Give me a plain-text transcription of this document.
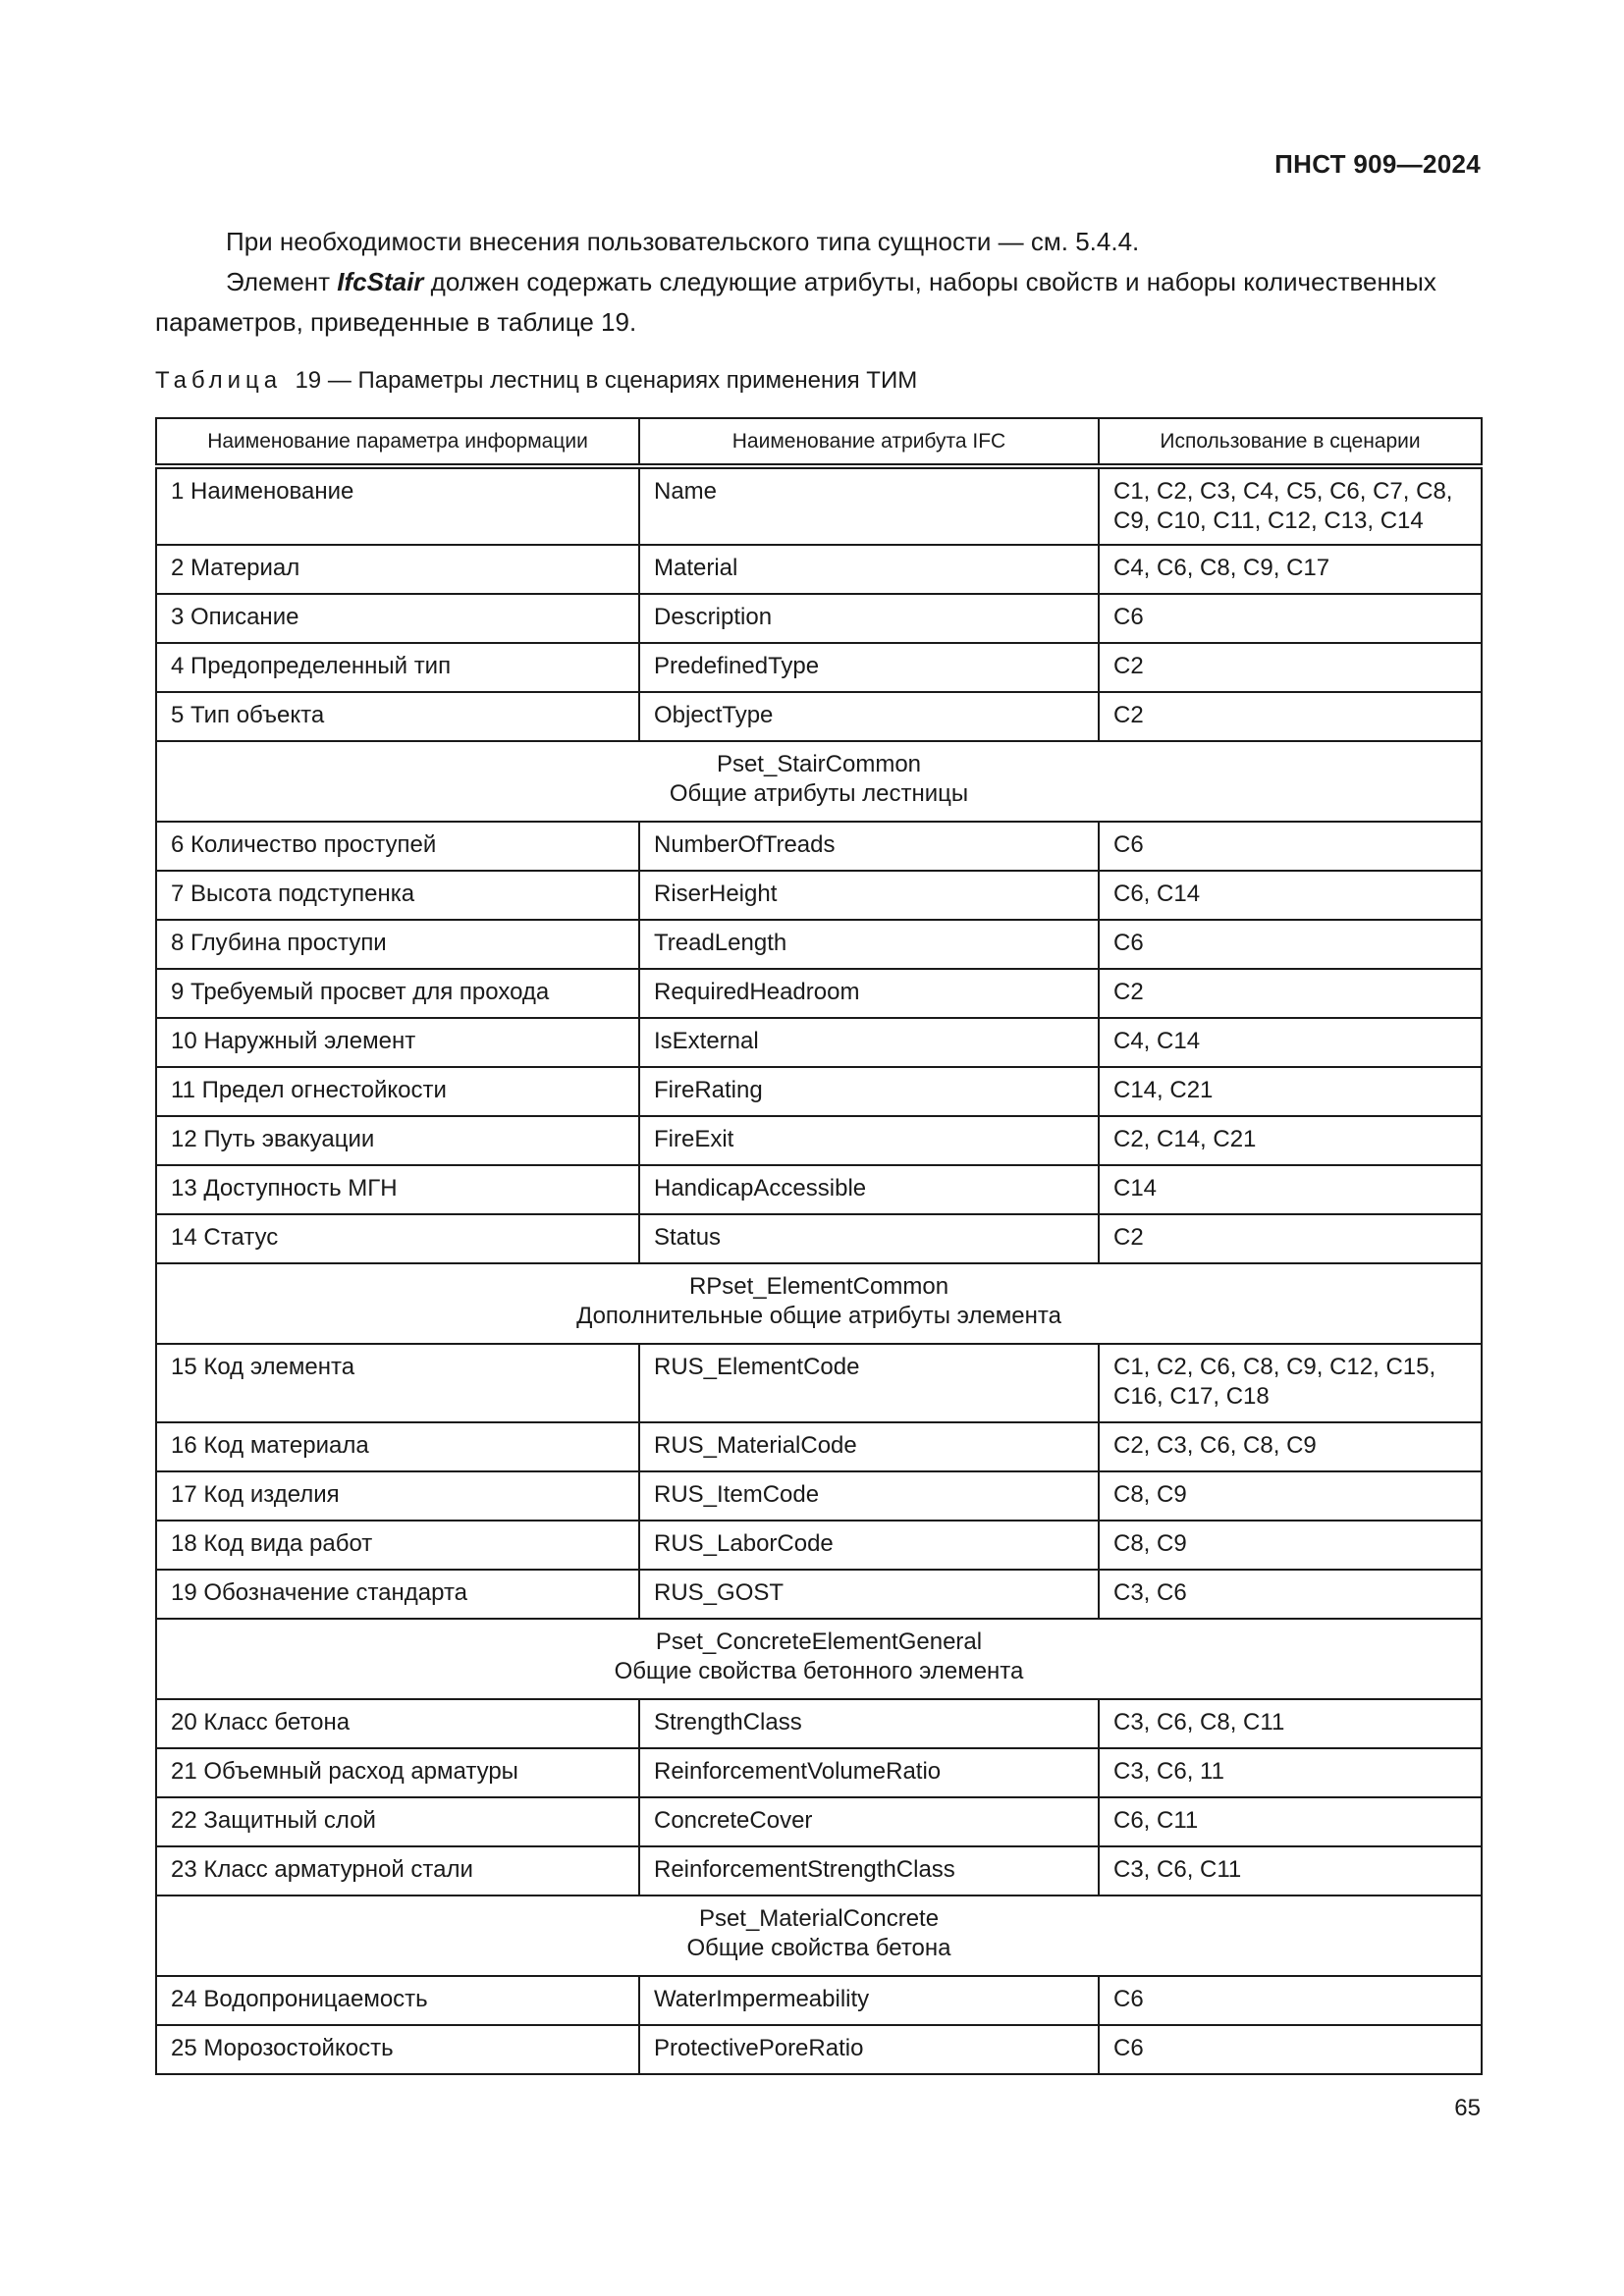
ПНСТ 909—2024

При необходимости внесения пользовательского типа сущности — см. 5.4.4.

Элемент IfcStair должен содержать следующие атрибуты, наборы свойств и наборы количественных параметров, приведенные в таблице 19.

Таблица 19 — Параметры лестниц в сценариях применения ТИМ
Наименование параметра информации	Наименование атрибута IFC	Использование в сценарии
1 Наименование	Name	С1, С2, С3, С4, С5, С6, С7, С8, С9, С10, С11, С12, С13, С14
2 Материал	Material	С4, С6, С8, С9, С17
3 Описание	Description	С6
4 Предопределенный тип	PredefinedType	С2
5 Тип объекта	ObjectType	С2

Pset_StairCommon
Общие атрибуты лестницы		

6 Количество проступей	NumberOfTreads	С6
7 Высота подступенка	RiserHeight	С6, С14
8 Глубина проступи	TreadLength	С6
9 Требуемый просвет для прохода	RequiredHeadroom	С2
10 Наружный элемент	IsExternal	С4, С14
11 Предел огнестойкости	FireRating	С14, С21
12 Путь эвакуации	FireExit	С2, С14, С21
13 Доступность МГН	HandicapAccessible	С14
14 Статус	Status	С2

RPset_ElementCommon
Дополнительные общие атрибуты элемента		

15 Код элемента	RUS_ElementCode	С1, С2, С6, С8, С9, С12, С15, С16, С17, С18
16 Код материала	RUS_MaterialCode	С2, С3, С6, С8, С9
17 Код изделия	RUS_ItemCode	С8, С9
18 Код вида работ	RUS_LaborCode	С8, С9
19 Обозначение стандарта	RUS_GOST	С3, С6

Pset_ConcreteElementGeneral
Общие свойства бетонного элемента		

20 Класс бетона	StrengthClass	С3, С6, С8, С11
21 Объемный расход арматуры	ReinforcementVolumeRatio	С3, С6, 11
22 Защитный слой	ConcreteCover	С6, С11
23 Класс арматурной стали	ReinforcementStrengthClass	С3, С6, С11

Pset_MaterialConcrete
Общие свойства бетона		

24 Водопроницаемость	WaterImpermeability	С6
25 Морозостойкость	ProtectivePoreRatio	С6
65
